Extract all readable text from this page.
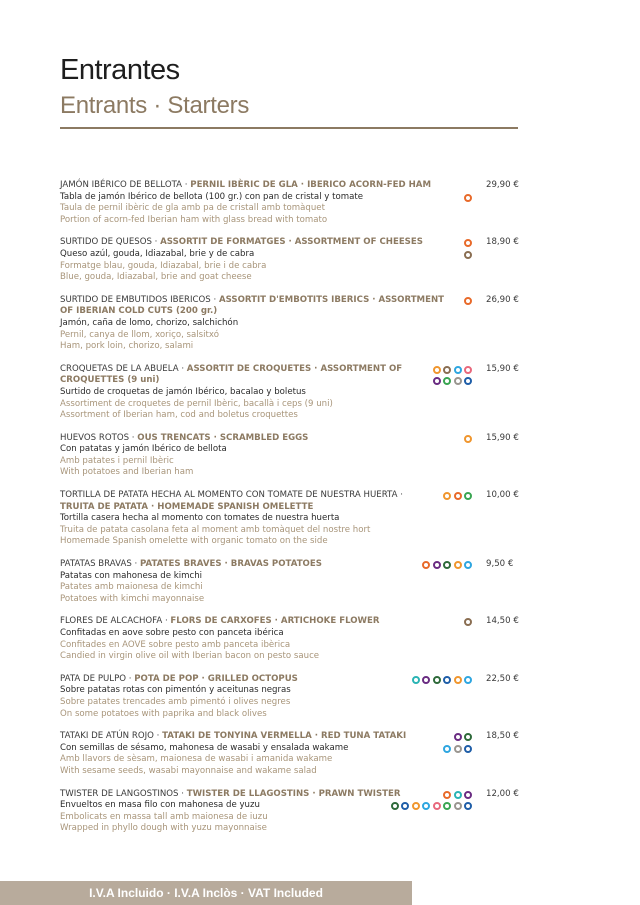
Entrantes
Entrants · Starters
JAMÓN IBÉRICO DE BELLOTA · PERNIL IBÈRIC DE GLA · IBERICO ACORN-FED HAM
Tabla de jamón Ibérico de bellota (100 gr.) con pan de cristal y tomate
Taula de pernil ibèric de gla amb pa de cristall amb tomàquet
Portion of acorn-fed Iberian ham with glass bread with tomato
29,90 €
SURTIDO DE QUESOS · ASSORTIT DE FORMATGES · ASSORTMENT OF CHEESES
Queso azúl, gouda, Idiazabal, brie y de cabra
Formatge blau, gouda, Idiazabal, brie i de cabra
Blue, gouda, Idiazabal, brie and goat cheese
18,90 €
SURTIDO DE EMBUTIDOS IBERICOS · ASSORTIT D'EMBOTITS IBERICS · ASSORTMENT OF IBERIAN COLD CUTS (200 gr.)
Jamón, caña de lomo, chorizo, salchichón
Pernil, canya de llom, xoriço, salsitxó
Ham, pork loin, chorizo, salami
26,90 €
CROQUETAS DE LA ABUELA · ASSORTIT DE CROQUETES · ASSORTMENT OF CROQUETTES (9 uni)
Surtido de croquetas de jamón Ibérico, bacalao y boletus
Assortiment de croquetes de pernil Ibèric, bacallà i ceps (9 uni)
Assortment of Iberian ham, cod and boletus croquettes
15,90 €
HUEVOS ROTOS · OUS TRENCATS · SCRAMBLED EGGS
Con patatas y jamón Ibérico de bellota
Amb patates i pernil Ibèric
With potatoes and Iberian ham
15,90 €
TORTILLA DE PATATA HECHA AL MOMENTO CON TOMATE DE NUESTRA HUERTA · TRUITA DE PATATA · HOMEMADE SPANISH OMELETTE
Tortilla casera hecha al momento con tomates de nuestra huerta
Truita de patata casolana feta al moment amb tomàquet del nostre hort
Homemade Spanish omelette with organic tomato on the side
10,00 €
PATATAS BRAVAS · PATATES BRAVES · BRAVAS POTATOES
Patatas con mahonesa de kimchi
Patates amb maionesa de kimchi
Potatoes with kimchi mayonnaise
9,50 €
FLORES DE ALCACHOFA · FLORS DE CARXOFES · ARTICHOKE FLOWER
Confitadas en aove sobre pesto con panceta ibérica
Confitades en AOVE sobre pesto amb panceta ibèrica
Candied in virgin olive oil with Iberian bacon on pesto sauce
14,50 €
PATA DE PULPO · POTA DE POP · GRILLED OCTOPUS
Sobre patatas rotas con pimentón y aceitunas negras
Sobre patates trencades amb pimentó i olives negres
On some potatoes with paprika and black olives
22,50 €
TATAKI DE ATÚN ROJO · TATAKI DE TONYINA VERMELLA · RED TUNA TATAKI
Con semillas de sésamo, mahonesa de wasabi y ensalada wakame
Amb llavors de sèsam, maionesa de wasabi i amanida wakame
With sesame seeds, wasabi mayonnaise and wakame salad
18,50 €
TWISTER DE LANGOSTINOS · TWISTER DE LLAGOSTINS · PRAWN TWISTER
Envueltos en masa filo con mahonesa de yuzu
Embolicats en massa tall amb maionesa de iuzu
Wrapped in phyllo dough with yuzu mayonnaise
12,00 €
I.V.A Incluido · I.V.A Inclòs · VAT Included
